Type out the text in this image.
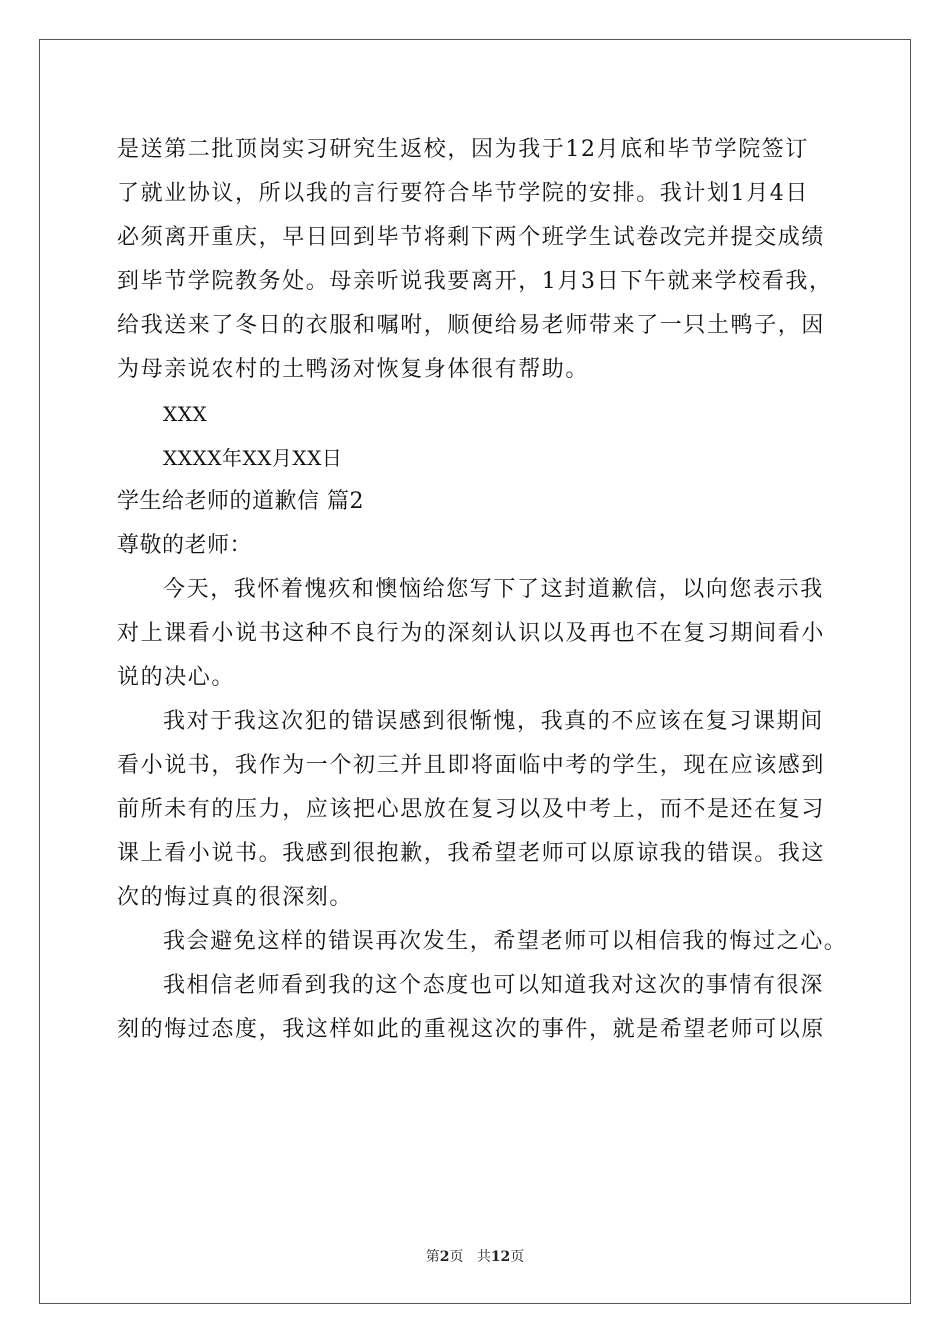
是送第二批顶岗实习研究生返校，因为我于12月底和毕节学院签订
了就业协议，所以我的言行要符合毕节学院的安排。我计划1月4日
必须离开重庆，早日回到毕节将剩下两个班学生试卷改完并提交成绩
到毕节学院教务处。母亲听说我要离开，1月3日下午就来学校看我，
给我送来了冬日的衣服和嘱咐，顺便给易老师带来了一只土鸭子，因
为母亲说农村的土鸭汤对恢复身体很有帮助。
XXX
XXXX年XX月XX日
学生给老师的道歉信 篇2
尊敬的老师：
今天，我怀着愧疚和懊恼给您写下了这封道歉信，以向您表示我
对上课看小说书这种不良行为的深刻认识以及再也不在复习期间看小
说的决心。
我对于我这次犯的错误感到很惭愧，我真的不应该在复习课期间
看小说书，我作为一个初三并且即将面临中考的学生，现在应该感到
前所未有的压力，应该把心思放在复习以及中考上，而不是还在复习
课上看小说书。我感到很抱歉，我希望老师可以原谅我的错误。我这
次的悔过真的很深刻。
我会避免这样的错误再次发生，希望老师可以相信我的悔过之心。
我相信老师看到我的这个态度也可以知道我对这次的事情有很深
刻的悔过态度，我这样如此的重视这次的事件，就是希望老师可以原
第2页 共12页
